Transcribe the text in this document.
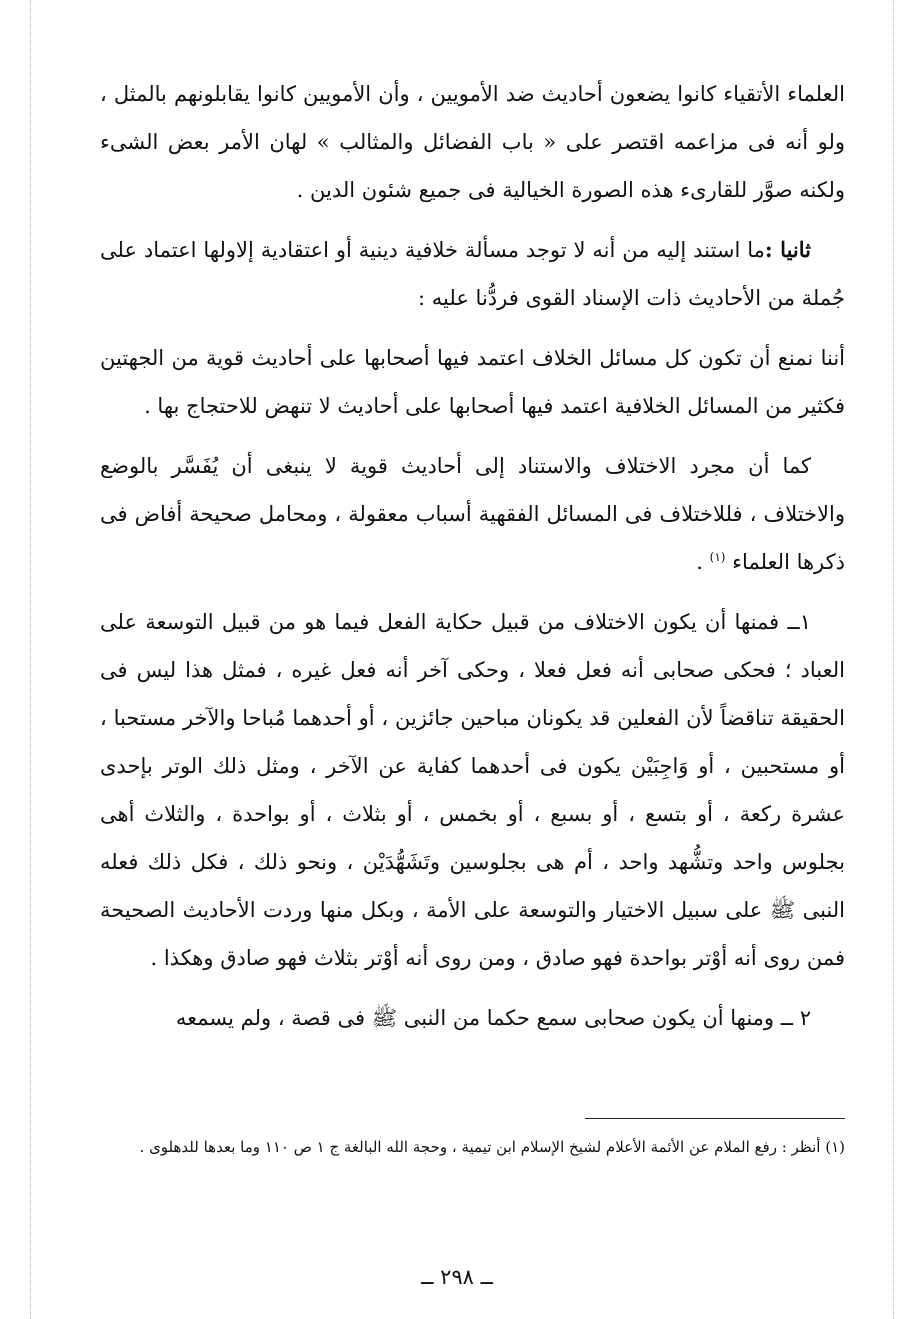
العلماء الأتقياء كانوا يضعون أحاديث ضد الأمويين ، وأن الأمويين كانوا يقابلونهم بالمثل ، ولو أنه فى مزاعمه اقتصر على « باب الفضائل والمثالب » لهان الأمر بعض الشىء ولكنه صوَّر للقارىء هذه الصورة الخيالية فى جميع شئون الدين .

ثانيا :ما استند إليه من أنه لا توجد مسألة خلافية دينية أو اعتقادية إلاولها اعتماد على جُملة من الأحاديث ذات الإسناد القوى فردُّنا عليه :

أننا نمنع أن تكون كل مسائل الخلاف اعتمد فيها أصحابها على أحاديث قوية من الجهتين فكثير من المسائل الخلافية اعتمد فيها أصحابها على أحاديث لا تنهض للاحتجاج بها .

كما أن مجرد الاختلاف والاستناد إلى أحاديث قوية لا ينبغى أن يُفَسَّر بالوضع والاختلاف ، فللاختلاف فى المسائل الفقهية أسباب معقولة ، ومحامل صحيحة أفاض فى ذكرها العلماء $^{(١)}$ .

١ــ فمنها أن يكون الاختلاف من قبيل حكاية الفعل فيما هو من قبيل التوسعة على العباد ؛ فحكى صحابى أنه فعل فعلا ، وحكى آخر أنه فعل غيره ، فمثل هذا ليس فى الحقيقة تناقضاً لأن الفعلين قد يكونان مباحين جائزين ، أو أحدهما مُباحا والآخر مستحبا ، أو مستحبين ، أو وَاجِبَيْن يكون فى أحدهما كفاية عن الآخر ، ومثل ذلك الوتر بإحدى عشرة ركعة ، أو بتسع ، أو بسبع ، أو بخمس ، أو بثلاث ، أو بواحدة ، والثلاث أهى بجلوس واحد وتشُّهد واحد ، أم هى بجلوسين وتَشَهُّدَيْن ، ونحو ذلك ، فكل ذلك فعله النبى ﷺ على سبيل الاختيار والتوسعة على الأمة ، وبكل منها وردت الأحاديث الصحيحة فمن روى أنه أوْتر بواحدة فهو صادق ، ومن روى أنه أوْتر بثلاث فهو صادق وهكذا .

٢ ــ ومنها أن يكون صحابى سمع حكما من النبى ﷺ فى قصة ، ولم يسمعه

(١) أنظر : رفع الملام عن الأئمة الأعلام لشيخ الإسلام ابن تيمية ، وحجة الله البالغة ج ١ ص ١١٠ وما بعدها للدهلوى .

ــ ٢٩٨ ــ
